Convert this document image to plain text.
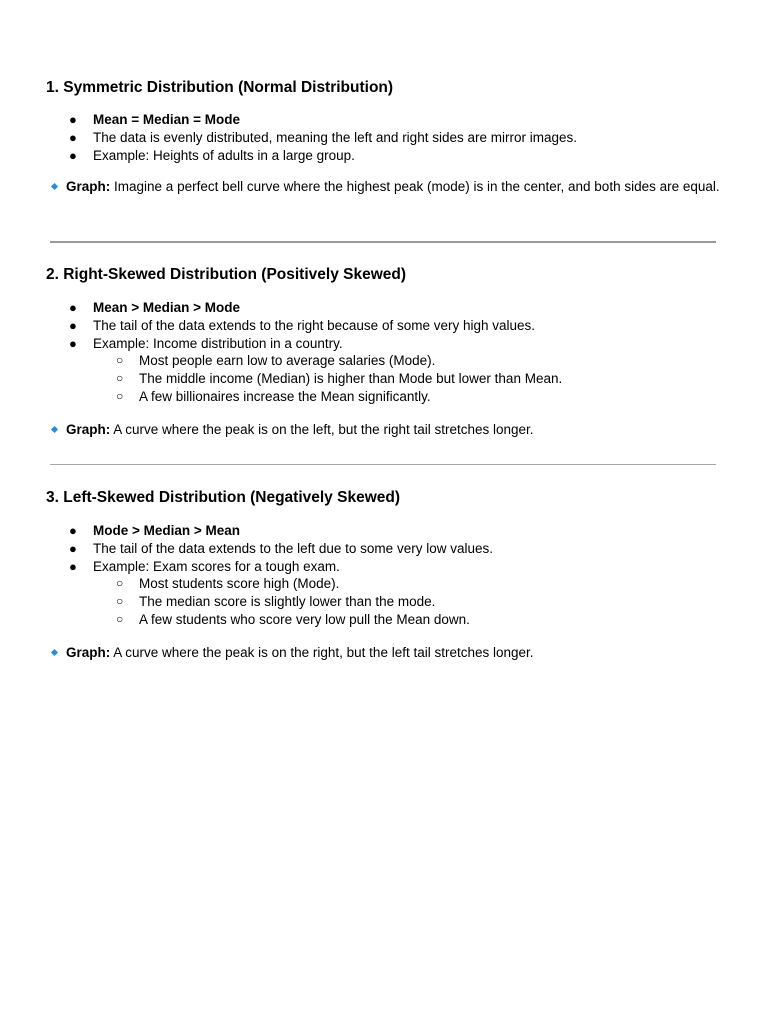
1. Symmetric Distribution (Normal Distribution)
● Mean = Median = Mode
● The data is evenly distributed, meaning the left and right sides are mirror images.
● Example: Heights of adults in a large group.

Graph: Imagine a perfect bell curve where the highest peak (mode) is in the center, and both sides are equal.

2. Right-Skewed Distribution (Positively Skewed)
● Mean > Median > Mode
● The tail of the data extends to the right because of some very high values.
● Example: Income distribution in a country.
○ Most people earn low to average salaries (Mode).
○ The middle income (Median) is higher than Mode but lower than Mean.
○ A few billionaires increase the Mean significantly.

Graph: A curve where the peak is on the left, but the right tail stretches longer.

3. Left-Skewed Distribution (Negatively Skewed)
● Mode > Median > Mean
● The tail of the data extends to the left due to some very low values.
● Example: Exam scores for a tough exam.
○ Most students score high (Mode).
○ The median score is slightly lower than the mode.
○ A few students who score very low pull the Mean down.

Graph: A curve where the peak is on the right, but the left tail stretches longer.
